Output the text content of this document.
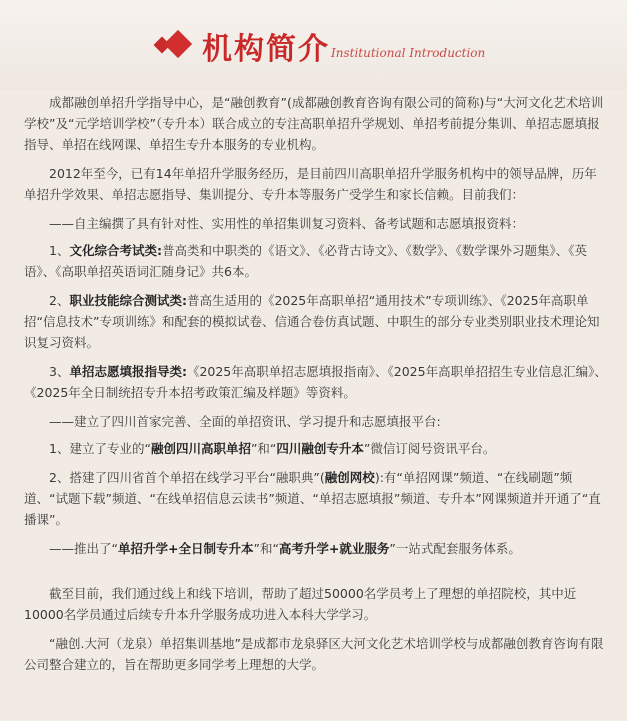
机构简介 Institutional Introduction

成都融创单招升学指导中心，是“融创教育”(成都融创教育咨询有限公司的简称)与“大河文化艺术培训学校”及“元学培训学校”（专升本）联合成立的专注高职单招升学规划、单招考前提分集训、单招志愿填报指导、单招在线网课、单招生专升本服务的专业机构。

2012年至今，已有14年单招升学服务经历，是目前四川高职单招升学服务机构中的领导品牌，历年单招升学效果、单招志愿指导、集训提分、专升本等服务广受学生和家长信赖。目前我们：

——自主编撰了具有针对性、实用性的单招集训复习资料、备考试题和志愿填报资料：

1、文化综合考试类:普高类和中职类的《语文》、《必背古诗文》、《数学》、《数学课外习题集》、《英语》、《高职单招英语词汇随身记》共6本。

2、职业技能综合测试类:普高生适用的《2025年高职单招“通用技术”专项训练》、《2025年高职单招“信息技术”专项训练》和配套的模拟试卷、信通合卷仿真试题、中职生的部分专业类别职业技术理论知识复习资料。

3、单招志愿填报指导类:《2025年高职单招志愿填报指南》、《2025年高职单招招生专业信息汇编》、《2025年全日制统招专升本招考政策汇编及样题》等资料。

——建立了四川首家完善、全面的单招资讯、学习提升和志愿填报平台:

1、建立了专业的“融创四川高职单招”和“四川融创专升本”微信订阅号资讯平台。

2、搭建了四川省首个单招在线学习平台“融职典”(融创网校):有“单招网课”频道、“在线刷题”频道、“试题下载”频道、“在线单招信息云读书”频道、“单招志愿填报”频道、专升本”网课频道并开通了“直播课”。

——推出了“单招升学+全日制专升本”和“高考升学+就业服务”一站式配套服务体系。

截至目前，我们通过线上和线下培训，帮助了超过50000名学员考上了理想的单招院校，其中近10000名学员通过后续专升本升学服务成功进入本科大学学习。

“融创.大河（龙泉）单招集训基地”是成都市龙泉驿区大河文化艺术培训学校与成都融创教育咨询有限公司整合建立的，旨在帮助更多同学考上理想的大学。
